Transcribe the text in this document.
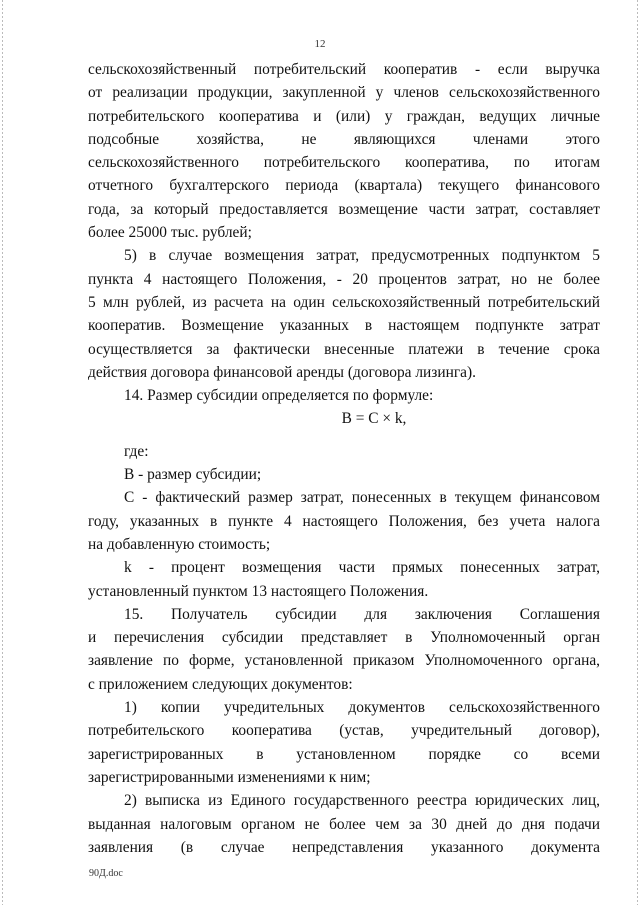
12
сельскохозяйственный потребительский кооператив - если выручка
от реализации продукции, закупленной у членов сельскохозяйственного
потребительского кооператива и (или) у граждан, ведущих личные
подсобные хозяйства, не являющихся членами этого
сельскохозяйственного потребительского кооператива, по итогам
отчетного бухгалтерского периода (квартала) текущего финансового
года, за который предоставляется возмещение части затрат, составляет
более 25000 тыс. рублей;
5) в случае возмещения затрат, предусмотренных подпунктом 5
пункта 4 настоящего Положения, - 20 процентов затрат, но не более
5 млн рублей, из расчета на один сельскохозяйственный потребительский
кооператив. Возмещение указанных в настоящем подпункте затрат
осуществляется за фактически внесенные платежи в течение срока
действия договора финансовой аренды (договора лизинга).
14. Размер субсидии определяется по формуле:
B = C × k,
где:
B - размер субсидии;
C - фактический размер затрат, понесенных в текущем финансовом
году, указанных в пункте 4 настоящего Положения, без учета налога
на добавленную стоимость;
k - процент возмещения части прямых понесенных затрат,
установленный пунктом 13 настоящего Положения.
15. Получатель субсидии для заключения Соглашения
и перечисления субсидии представляет в Уполномоченный орган
заявление по форме, установленной приказом Уполномоченного органа,
с приложением следующих документов:
1) копии учредительных документов сельскохозяйственного
потребительского кооператива (устав, учредительный договор),
зарегистрированных в установленном порядке со всеми
зарегистрированными изменениями к ним;
2) выписка из Единого государственного реестра юридических лиц,
выданная налоговым органом не более чем за 30 дней до дня подачи
заявления (в случае непредставления указанного документа
90Д.doc
